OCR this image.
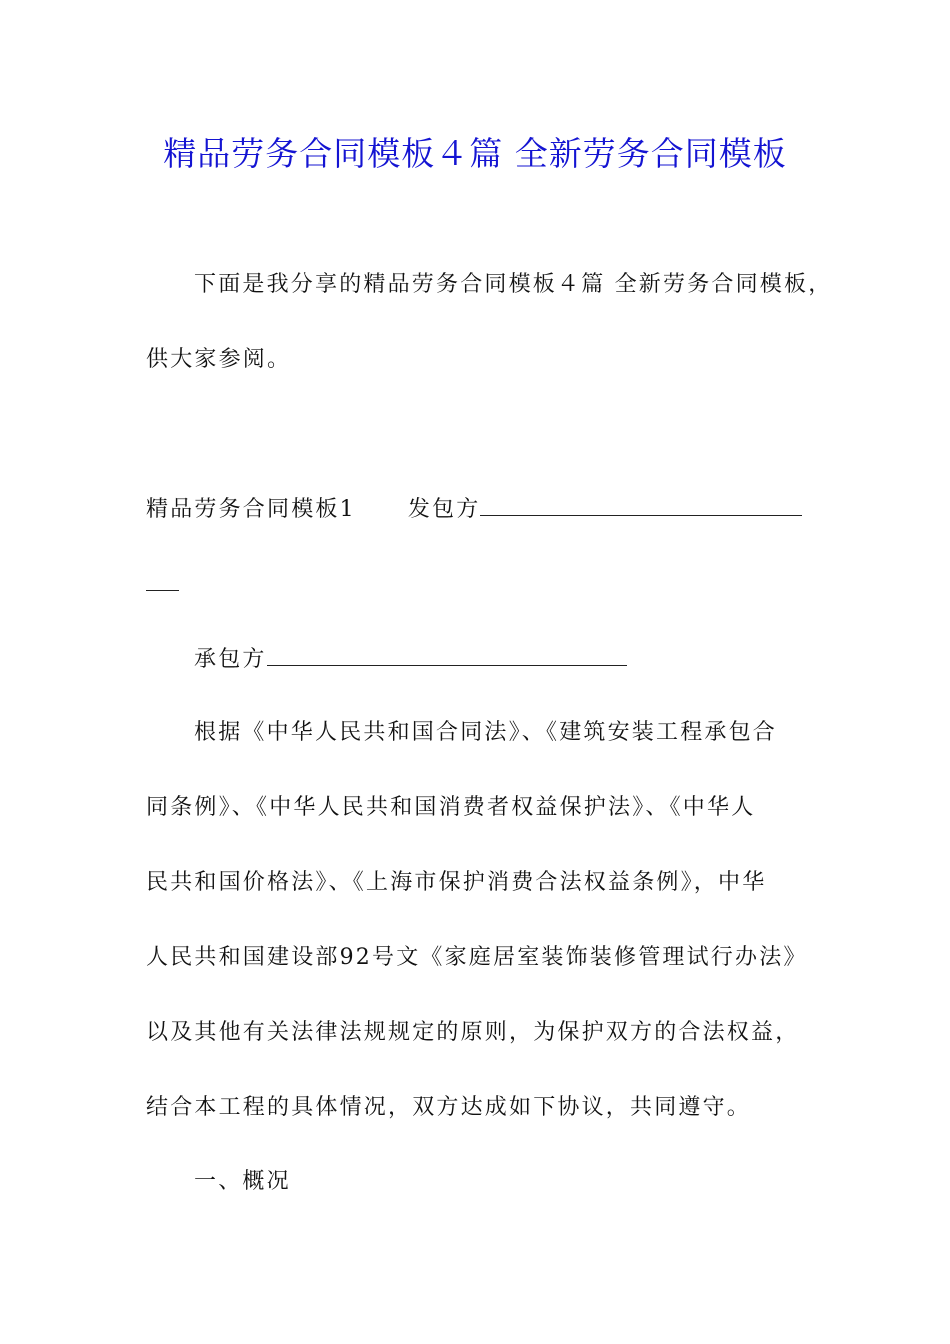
精品劳务合同模板４篇 全新劳务合同模板
下面是我分享的精品劳务合同模板４篇 全新劳务合同模板，
供大家参阅。
精品劳务合同模板1 发包方
承包方
根据《中华人民共和国合同法》、《建筑安装工程承包合
同条例》、《中华人民共和国消费者权益保护法》、《中华人
民共和国价格法》、《上海市保护消费合法权益条例》，中华
人民共和国建设部92号文《家庭居室装饰装修管理试行办法》
以及其他有关法律法规规定的原则，为保护双方的合法权益，
结合本工程的具体情况，双方达成如下协议，共同遵守。
一、概况
